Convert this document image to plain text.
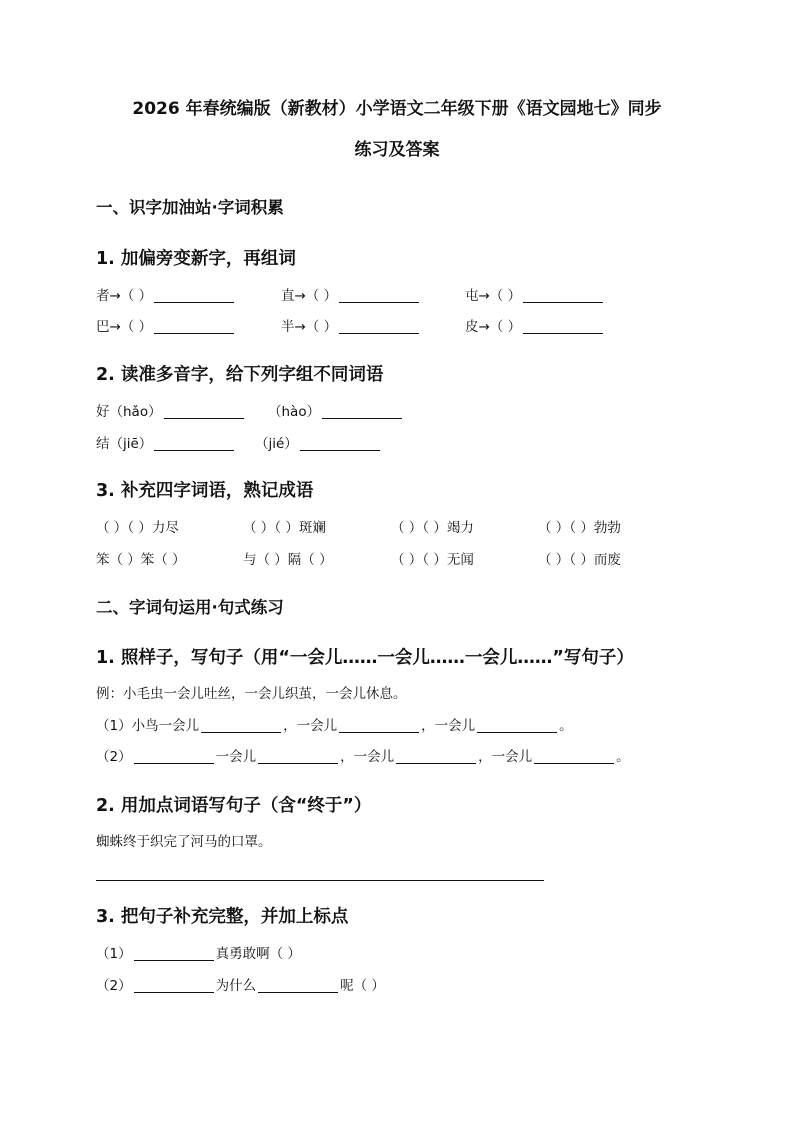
2026 年春统编版（新教材）小学语文二年级下册《语文园地七》同步
练习及答案
一、识字加油站·字词积累
1. 加偏旁变新字，再组词
者→（ ）	直→（ ）	屯→（ ）
巴→（ ）	半→（ ）	皮→（ ）
2. 读准多音字，给下列字组不同词语
好（hǎo）	（hào）
结（jiē）	（jié）
3. 补充四字词语，熟记成语
（ ）（ ）力尽	（ ）（ ）斑斓	（ ）（ ）竭力	（ ）（ ）勃勃
笨（ ）笨（ ）	与（ ）隔（ ）	（ ）（ ）无闻	（ ）（ ）而废
二、字词句运用·句式练习
1. 照样子，写句子（用“一会儿……一会儿……一会儿……”写句子）
例：小毛虫一会儿吐丝，一会儿织茧，一会儿休息。
（1）小鸟一会儿	，一会儿	，一会儿	。
（2）	一会儿	，一会儿	，一会儿	。
2. 用加点词语写句子（含“终于”）
蜘蛛终于织完了河马的口罩。
3. 把句子补充完整，并加上标点
（1）	真勇敢啊（ ）
（2）	为什么	呢（ ）
